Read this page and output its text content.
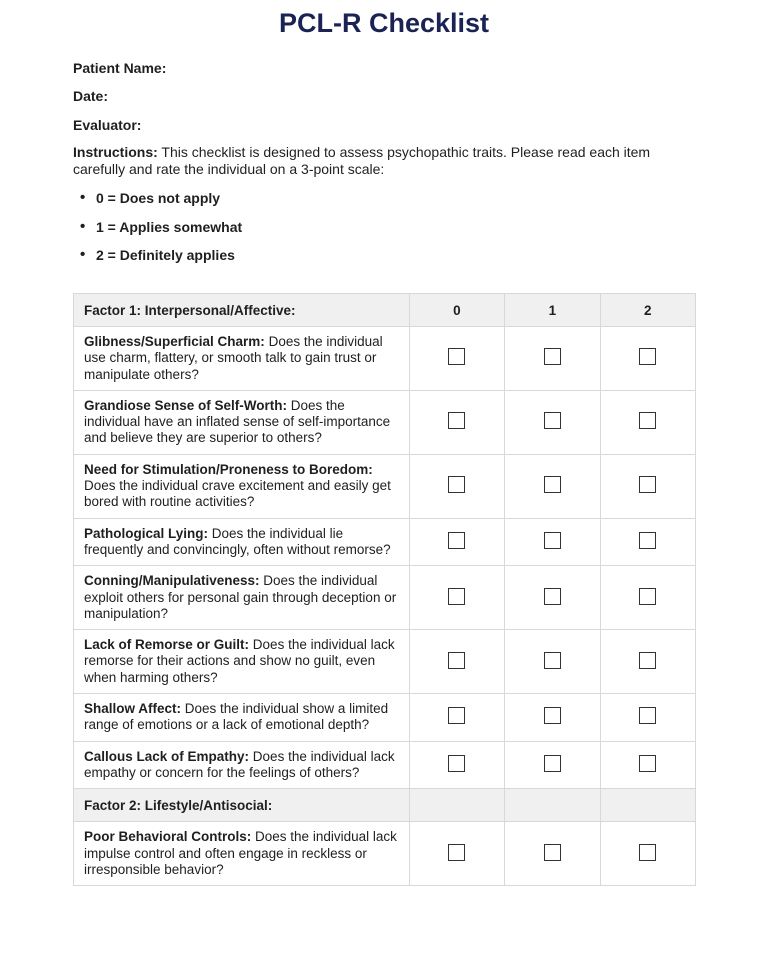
PCL-R Checklist
Patient Name:
Date:
Evaluator:
Instructions: This checklist is designed to assess psychopathic traits. Please read each item carefully and rate the individual on a 3-point scale:
• 0 = Does not apply
• 1 = Applies somewhat
• 2 = Definitely applies
Factor 1: Interpersonal/Affective:	0	1	2
Glibness/Superficial Charm: Does the individual use charm, flattery, or smooth talk to gain trust or manipulate others?			
Grandiose Sense of Self-Worth: Does the individual have an inflated sense of self-importance and believe they are superior to others?			
Need for Stimulation/Proneness to Boredom: Does the individual crave excitement and easily get bored with routine activities?			
Pathological Lying: Does the individual lie frequently and convincingly, often without remorse?			
Conning/Manipulativeness: Does the individual exploit others for personal gain through deception or manipulation?			
Lack of Remorse or Guilt: Does the individual lack remorse for their actions and show no guilt, even when harming others?			
Shallow Affect: Does the individual show a limited range of emotions or a lack of emotional depth?			
Callous Lack of Empathy: Does the individual lack empathy or concern for the feelings of others?			
Factor 2: Lifestyle/Antisocial:			
Poor Behavioral Controls: Does the individual lack impulse control and often engage in reckless or irresponsible behavior?			
